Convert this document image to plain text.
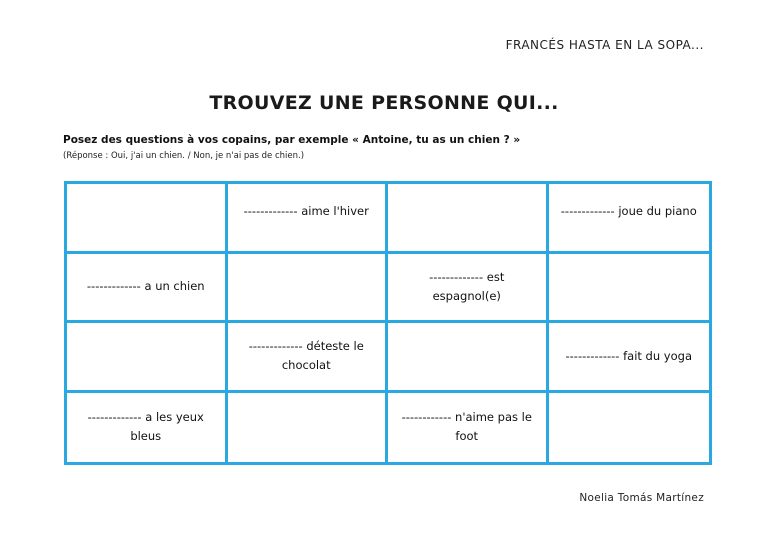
FRANCÉS HASTA EN LA SOPA...
TROUVEZ UNE PERSONNE QUI...
Posez des questions à vos copains, par exemple « Antoine, tu as un chien ? »
(Réponse : Oui, j'ai un chien. / Non, je n'ai pas de chien.)
------------- aime l'hiver	------------- joue du piano
------------- a un chien
------------- est espagnol(e)
------------- déteste le chocolat
------------- fait du yoga
------------- a les yeux bleus
------------ n'aime pas le foot
Noelia Tomás Martínez
